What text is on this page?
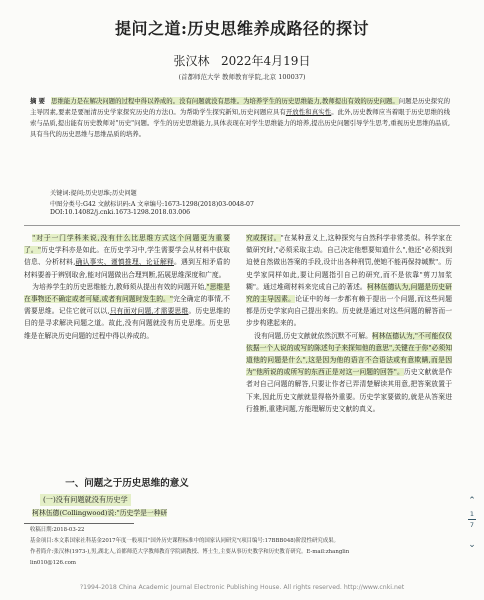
提问之道:历史思维养成路径的探讨
张汉林 2022年4月19日
(首都师范大学 教师教育学院,北京 100037)
摘 要 思维能力是在解决问题的过程中得以养成的。没有问题就没有思维。为培养学生的历史思维能力,教师提出有效的历史问题。问题是历史探究的主导因素,要素是要厘清历史学家探究历史的方法()。为帮助学生探究新知,历史问题应具有开放性和真实性。此外,历史教师应当着眼于历史思维的线索与品质,提出能有历史教师对"历史"问题。学生的历史思维能力,具体表现在对学生思维能力的培养,提出历史问题引导学生思考,重视历史思维的品质,具有当代的历史思维与思维品质的培养。
关键词:提问;历史思维;历史问题
中图分类号:G42 文献标识码:A 文章编号:1673-1298(2018)03-0048-07
DOI:10.14082/j.cnki.1673-1298.2018.03.006

"对于一门学科来说,没有什么比思维方式这个问题更为重要了。"历史学科亦是如此。在历史学习中,学生需要学会从材料中获取信息、分析材料,确认事实、谨慎推理、论证解释。遇到互相矛盾的材料要善于辨别取舍,能对问题做出合理判断,拓展思维深度和广度。

为培养学生的历史思维能力,教师须从提出有效的问题开始,"思维是在事物还不确定或者可疑,或者有问题时发生的。"完全确定的事情,不需要思维。记住它就可以以,只有面对问题,才需要思维。历史思维的目的是寻求解决问题之道。故此,没有问题就没有历史思维。历史思维是在解决历史问题的过程中得以养成的。

一、问题之于历史思维的意义
(一)没有问题就没有历史学

柯林伍德(Collingwood)说:"历史学是一种研

究或探讨。"在某种意义上,这种探究与自然科学非常类似。科学家在做研究时,"必须采取主动。自己决定他想要知道什么",他还"必须找到迫使自然做出答案的手段,设计出各种刑罚,使她不能再保持缄默"。历史学家同样如此,要让问题指引自己的研究,而不是依靠"剪刀加浆糊"。通过堆砌材料来完成自己的著述。柯林伍德认为,问题是历史研究的主导因素。论证中的每一步都有赖于提出一个问题,而这些问题都是历史学家向自己提出来的。历史就是通过对这些问题的解答而一步步构建起来的。

没有问题,历史文献就依然沉默不可解。柯林伍德认为,"不可能仅仅依据一个人说的或写的陈述句子来探知他的意思",关键在于你"必须知道他的问题是什么",这是因为他的语言不合语法或有意欺瞒,而是因为"他所说的或所写的东西正是对这一问题的回答"。历史文献就是作者对自己问题的解答,只要让作者已弄清楚解读其用意,把答案放置于下来,因此历史文献就显得格外重要。历史学家要做的,就是从答案进行推断,重建问题,方能理解历史文献的真义。

收稿日期:2018-03-22
基金项目:本文系国家社科基金2017年度一般项目"国外历史课程标准中的国家认同研究"(项目编号:17BBB048)阶段性研究成果。
作者简介:张汉林(1973-),男,湖北人,首都师范大学教师教育学院副教授、博士生,主要从事历史教学和历史教育研究。E-mail:zhanglin
lin010@126.com
⌃
1
7
⌄
?1994-2018 China Academic Journal Electronic Publishing House. All rights reserved. http://www.cnki.net
